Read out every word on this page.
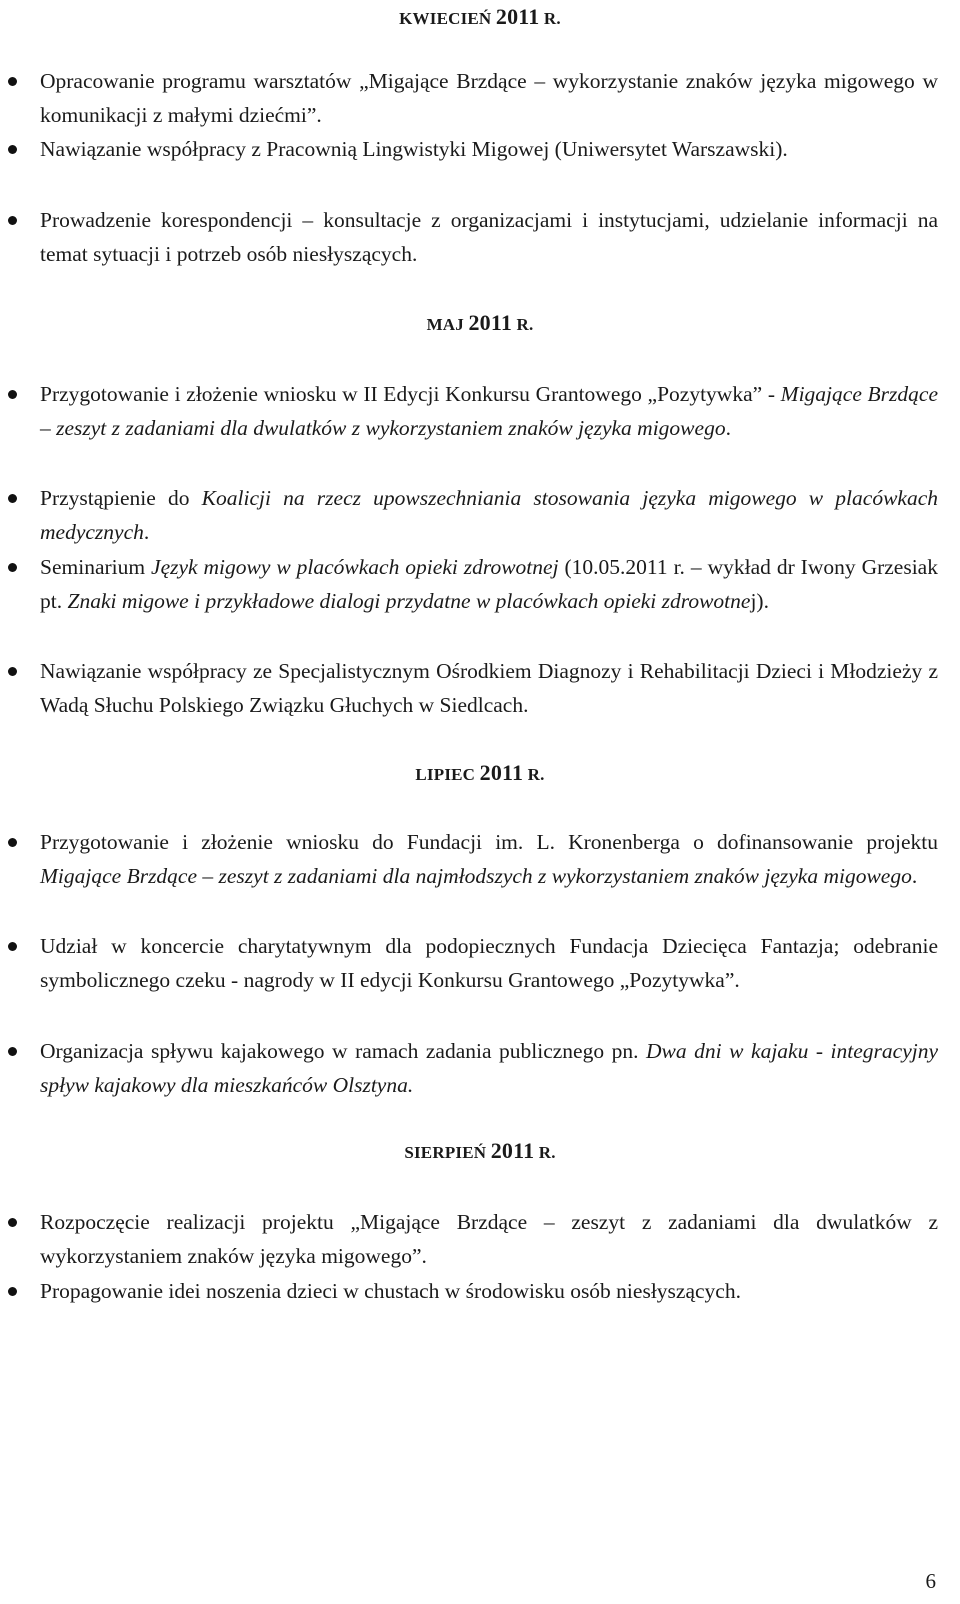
KWIECIEŃ 2011 R.
Opracowanie programu warsztatów „Migające Brzdące – wykorzystanie znaków języka migowego w komunikacji z małymi dziećmi”.
Nawiązanie współpracy z Pracownią Lingwistyki Migowej (Uniwersytet Warszawski).
Prowadzenie korespondencji – konsultacje z organizacjami i instytucjami, udzielanie informacji na temat sytuacji i potrzeb osób niesłyszących.
MAJ 2011 R.
Przygotowanie i złożenie wniosku w II Edycji Konkursu Grantowego „Pozytywka” - Migające Brzdące – zeszyt z zadaniami dla dwulatków z wykorzystaniem znaków języka migowego.
Przystąpienie do Koalicji na rzecz upowszechniania stosowania języka migowego w placówkach medycznych.
Seminarium Język migowy w placówkach opieki zdrowotnej (10.05.2011 r. – wykład dr Iwony Grzesiak pt. Znaki migowe i przykładowe dialogi przydatne w placówkach opieki zdrowotnej).
Nawiązanie współpracy ze Specjalistycznym Ośrodkiem Diagnozy i Rehabilitacji Dzieci i Młodzieży z Wadą Słuchu Polskiego Związku Głuchych w Siedlcach.
LIPIEC 2011 R.
Przygotowanie i złożenie wniosku do Fundacji im. L. Kronenberga o dofinansowanie projektu Migające Brzdące – zeszyt z zadaniami dla najmłodszych z wykorzystaniem znaków języka migowego.
Udział w koncercie charytatywnym dla podopiecznych Fundacja Dziecięca Fantazja; odebranie symbolicznego czeku - nagrody w II edycji Konkursu Grantowego „Pozytywka”.
Organizacja spływu kajakowego w ramach zadania publicznego pn. Dwa dni w kajaku - integracyjny spływ kajakowy dla mieszkańców Olsztyna.
SIERPIEŃ 2011 R.
Rozpoczęcie realizacji projektu „Migające Brzdące – zeszyt z zadaniami dla dwulatków z wykorzystaniem znaków języka migowego”.
Propagowanie idei noszenia dzieci w chustach w środowisku osób niesłyszących.
6
